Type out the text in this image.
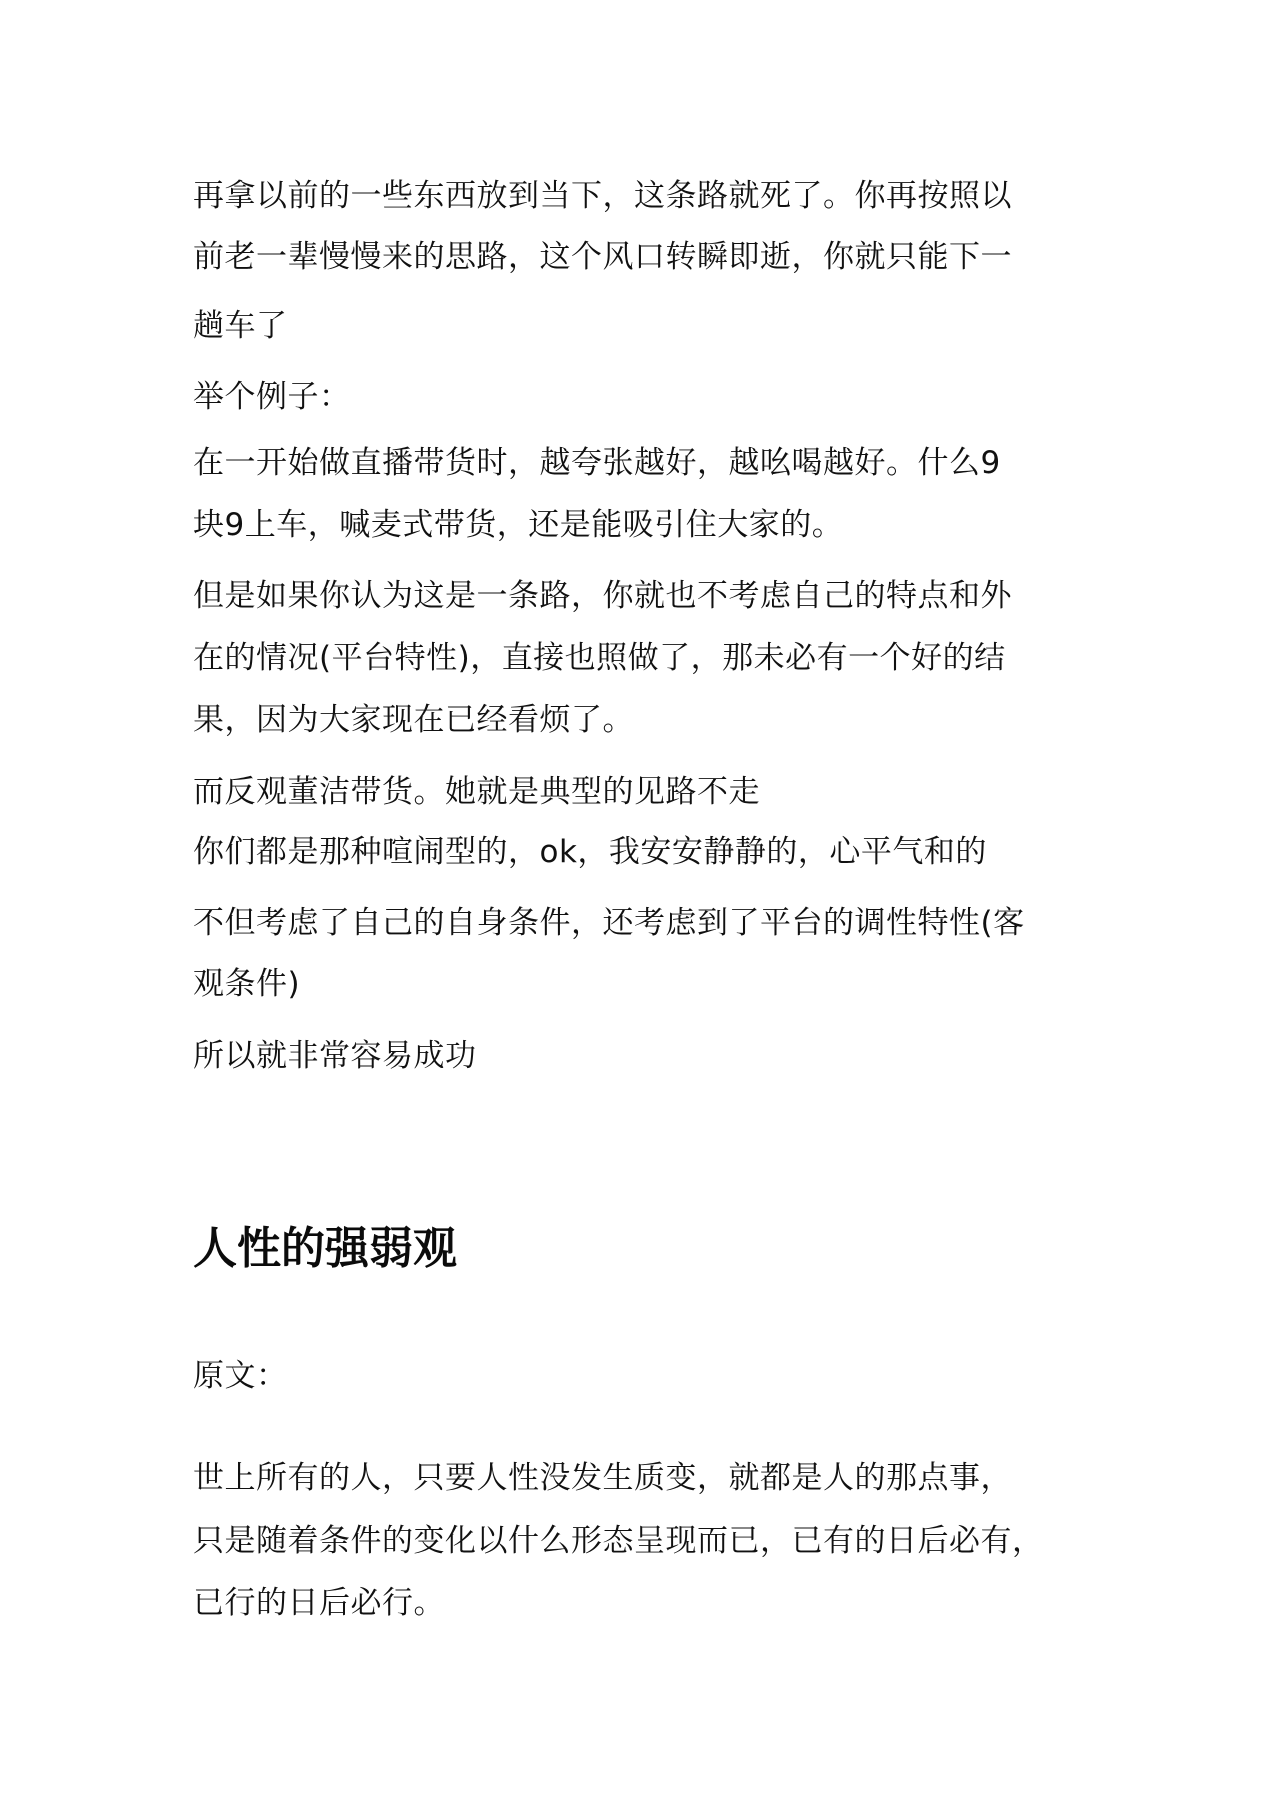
再拿以前的一些东西放到当下，这条路就死了。你再按照以
前老一辈慢慢来的思路，这个风口转瞬即逝，你就只能下一
趟车了
举个例子：
在一开始做直播带货时，越夸张越好，越吆喝越好。什么9
块9上车，喊麦式带货，还是能吸引住大家的。
但是如果你认为这是一条路，你就也不考虑自己的特点和外
在的情况(平台特性)，直接也照做了，那未必有一个好的结
果，因为大家现在已经看烦了。
而反观董洁带货。她就是典型的见路不走
你们都是那种喧闹型的，ok，我安安静静的，心平气和的
不但考虑了自己的自身条件，还考虑到了平台的调性特性(客
观条件)
所以就非常容易成功
人性的强弱观
原文：
世上所有的人，只要人性没发生质变，就都是人的那点事，
只是随着条件的变化以什么形态呈现而已，已有的日后必有，
已行的日后必行。
